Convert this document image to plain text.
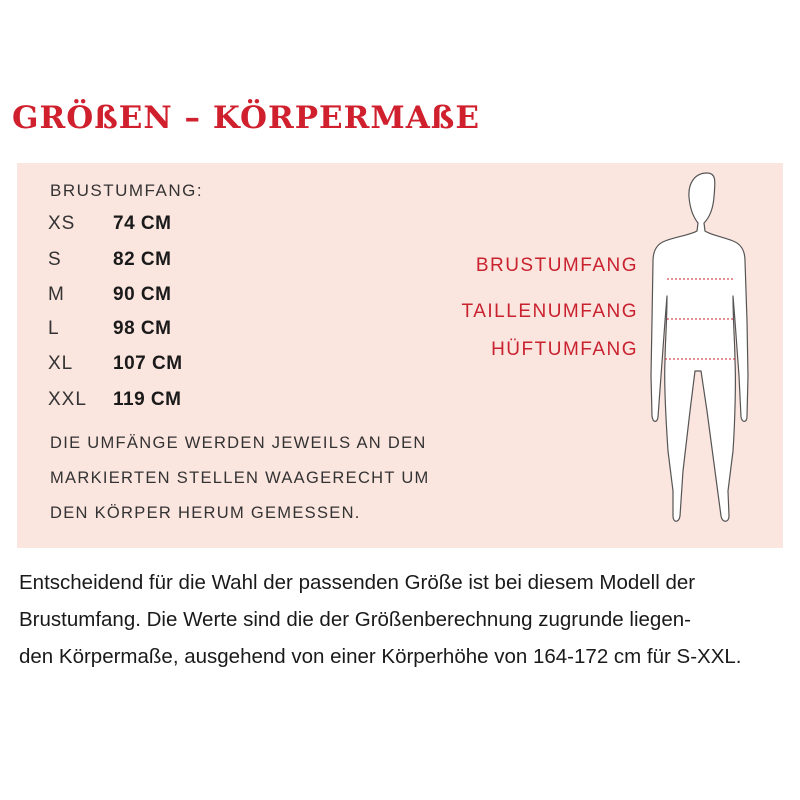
GRÖßEN – KÖRPERMAßE
BRUSTUMFANG:
XS 74 CM
S	82 CM
M	90 CM
L	98 CM
XL 107 CM
XXL 119 CM
DIE UMFÄNGE WERDEN JEWEILS AN DEN
MARKIERTEN STELLEN WAAGERECHT UM
DEN KÖRPER HERUM GEMESSEN.
BRUSTUMFANG
TAILLENUMFANG
HÜFTUMFANG
Entscheidend für die Wahl der passenden Größe ist bei diesem Modell der
Brustumfang. Die Werte sind die der Größenberechnung zugrunde liegen-
den Körpermaße, ausgehend von einer Körperhöhe von 164-172 cm für S-XXL.
